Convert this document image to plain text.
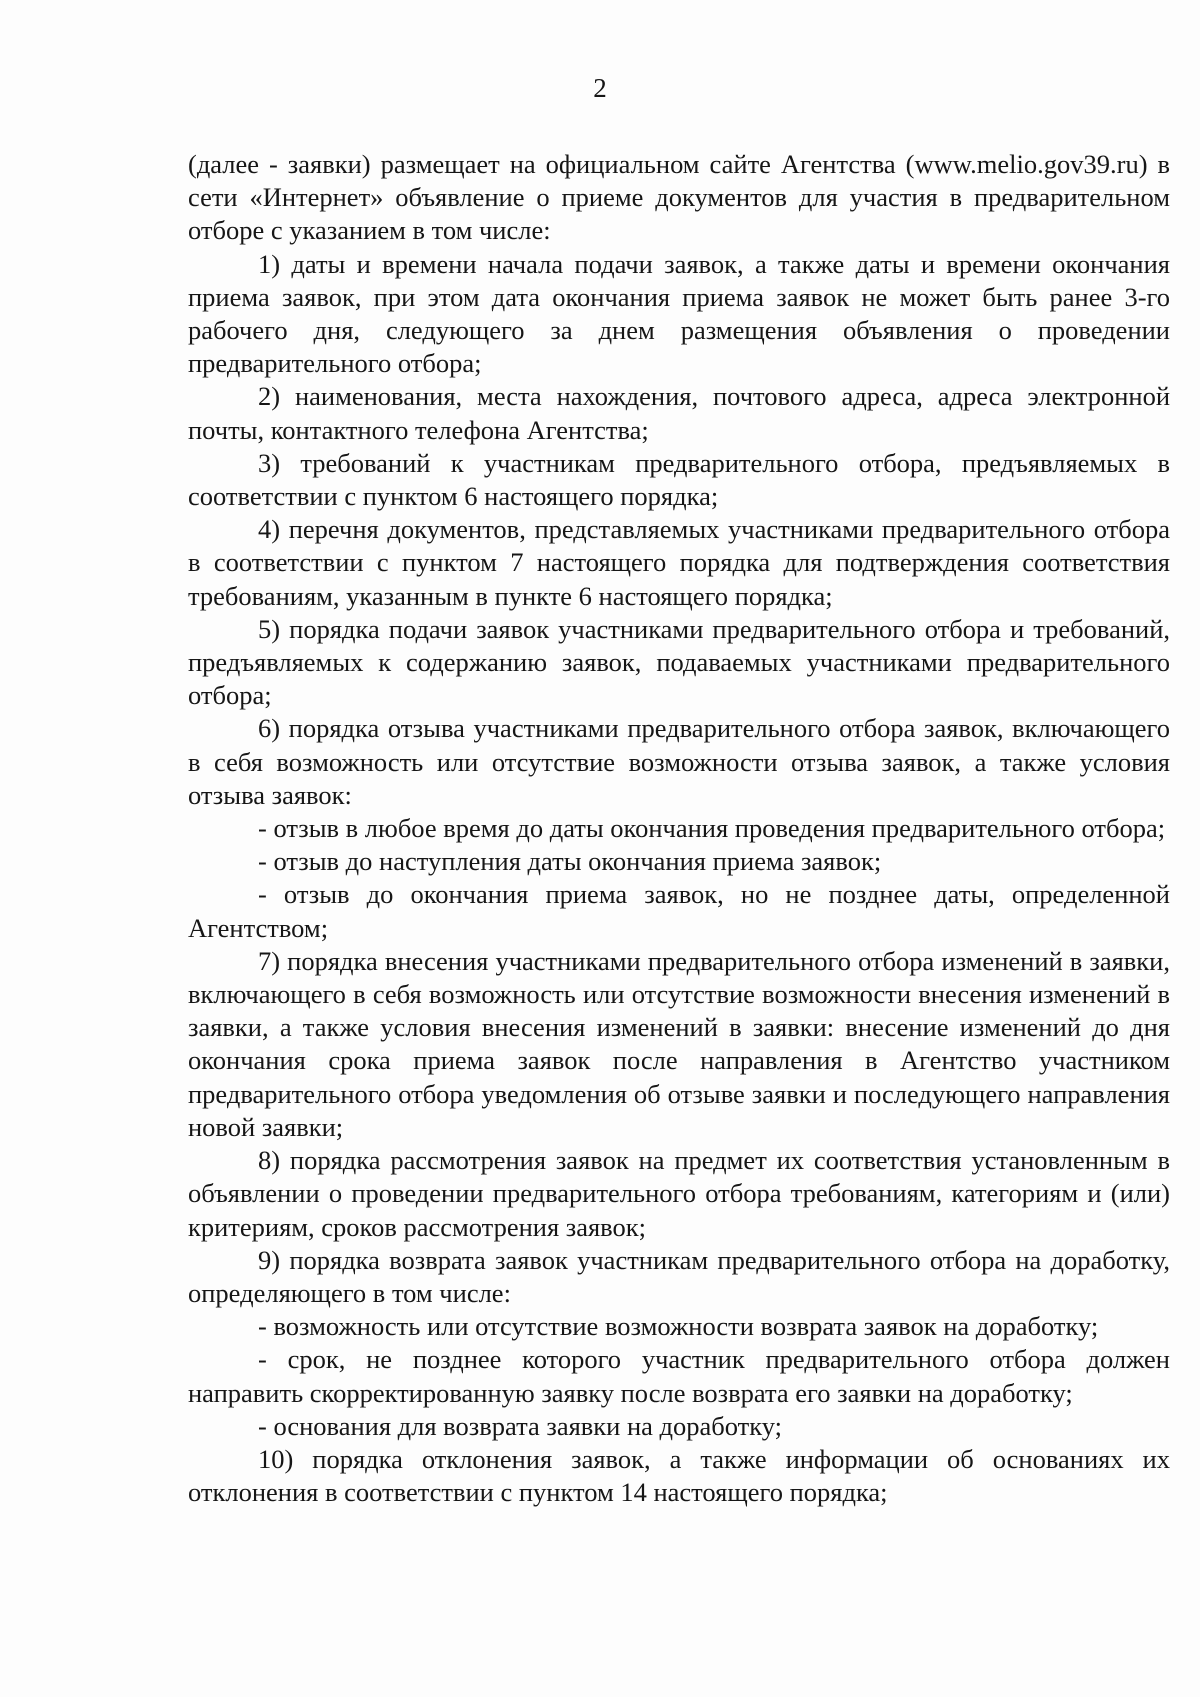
2

(далее - заявки) размещает на официальном сайте Агентства (www.melio.gov39.ru) в сети «Интернет» объявление о приеме документов для участия в предварительном отборе с указанием в том числе:

1) даты и времени начала подачи заявок, а также даты и времени окончания приема заявок, при этом дата окончания приема заявок не может быть ранее 3-го рабочего дня, следующего за днем размещения объявления о проведении предварительного отбора;

2) наименования, места нахождения, почтового адреса, адреса электронной почты, контактного телефона Агентства;

3) требований к участникам предварительного отбора, предъявляемых в соответствии с пунктом 6 настоящего порядка;

4) перечня документов, представляемых участниками предварительного отбора в соответствии с пунктом 7 настоящего порядка для подтверждения соответствия требованиям, указанным в пункте 6 настоящего порядка;

5) порядка подачи заявок участниками предварительного отбора и требований, предъявляемых к содержанию заявок, подаваемых участниками предварительного отбора;

6) порядка отзыва участниками предварительного отбора заявок, включающего в себя возможность или отсутствие возможности отзыва заявок, а также условия отзыва заявок:

- отзыв в любое время до даты окончания проведения предварительного отбора;

- отзыв до наступления даты окончания приема заявок;

- отзыв до окончания приема заявок, но не позднее даты, определенной Агентством;

7) порядка внесения участниками предварительного отбора изменений в заявки, включающего в себя возможность или отсутствие возможности внесения изменений в заявки, а также условия внесения изменений в заявки: внесение изменений до дня окончания срока приема заявок после направления в Агентство участником предварительного отбора уведомления об отзыве заявки и последующего направления новой заявки;

8) порядка рассмотрения заявок на предмет их соответствия установленным в объявлении о проведении предварительного отбора требованиям, категориям и (или) критериям, сроков рассмотрения заявок;

9) порядка возврата заявок участникам предварительного отбора на доработку, определяющего в том числе:

- возможность или отсутствие возможности возврата заявок на доработку;

- срок, не позднее которого участник предварительного отбора должен направить скорректированную заявку после возврата его заявки на доработку;

- основания для возврата заявки на доработку;

10) порядка отклонения заявок, а также информации об основаниях их отклонения в соответствии с пунктом 14 настоящего порядка;
